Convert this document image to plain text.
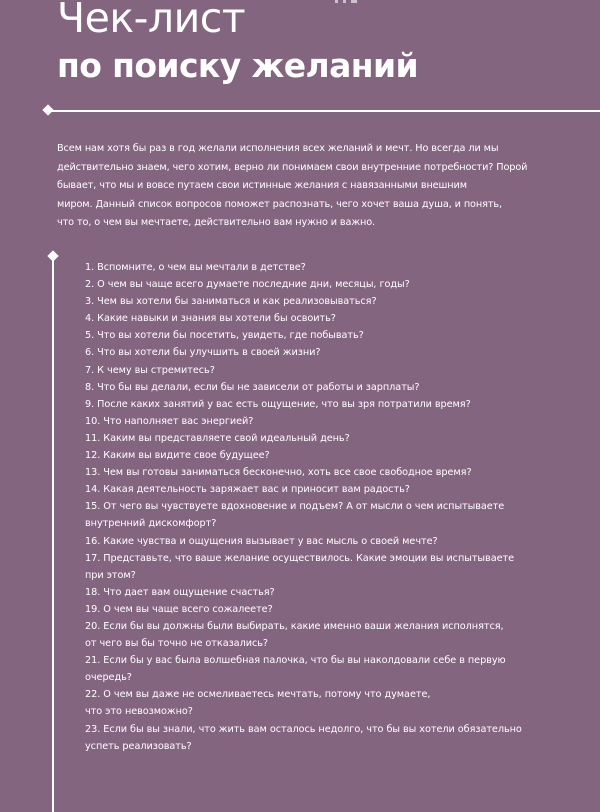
Чек-лист
по поиску желаний
Всем нам хотя бы раз в год желали исполнения всех желаний и мечт. Но всегда ли мы
действительно знаем, чего хотим, верно ли понимаем свои внутренние потребности? Порой
бывает, что мы и вовсе путаем свои истинные желания с навязанными внешним
миром. Данный список вопросов поможет распознать, чего хочет ваша душа, и понять,
что то, о чем вы мечтаете, действительно вам нужно и важно.
1. Вспомните, о чем вы мечтали в детстве?
2. О чем вы чаще всего думаете последние дни, месяцы, годы?
3. Чем вы хотели бы заниматься и как реализовываться?
4. Какие навыки и знания вы хотели бы освоить?
5. Что вы хотели бы посетить, увидеть, где побывать?
6. Что вы хотели бы улучшить в своей жизни?
7. К чему вы стремитесь?
8. Что бы вы делали, если бы не зависели от работы и зарплаты?
9. После каких занятий у вас есть ощущение, что вы зря потратили время?
10. Что наполняет вас энергией?
11. Каким вы представляете свой идеальный день?
12. Каким вы видите свое будущее?
13. Чем вы готовы заниматься бесконечно, хоть все свое свободное время?
14. Какая деятельность заряжает вас и приносит вам радость?
15. От чего вы чувствуете вдохновение и подъем? А от мысли о чем испытываете
внутренний дискомфорт?
16. Какие чувства и ощущения вызывает у вас мысль о своей мечте?
17. Представьте, что ваше желание осуществилось. Какие эмоции вы испытываете
при этом?
18. Что дает вам ощущение счастья?
19. О чем вы чаще всего сожалеете?
20. Если бы вы должны были выбирать, какие именно ваши желания исполнятся,
от чего вы бы точно не отказались?
21. Если бы у вас была волшебная палочка, что бы вы наколдовали себе в первую
очередь?
22. О чем вы даже не осмеливаетесь мечтать, потому что думаете,
что это невозможно?
23. Если бы вы знали, что жить вам осталось недолго, что бы вы хотели обязательно
успеть реализовать?
